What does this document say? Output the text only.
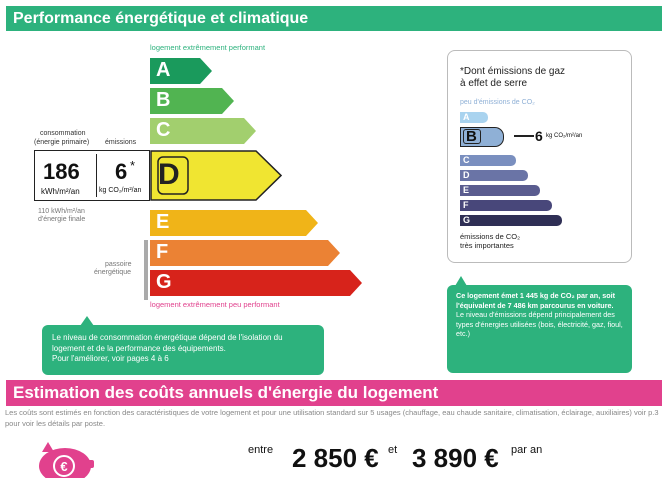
Performance énergétique et climatique
logement extrêmement performant
A
B
C
E
F
G
consommation
(énergie primaire) émissions
186
kWh/m²/an
6 *
kg CO₂/m²/an D
110 kWh/m²/an
d'énergie finale
passoire
énergétique
logement extrêmement peu performant
Le niveau de consommation énergétique dépend de l'isolation du logement et de la performance des équipements.
Pour l'améliorer, voir pages 4 à 6
*Dont émissions de gaz
à effet de serre
peu d'émissions de CO₂
A
B
C
D
E
F
G
6 kg CO₂/m²/an
émissions de CO₂
très importantes
Ce logement émet 1 445 kg de CO₂ par an, soit l'équivalent de 7 486 km parcourus en voiture.
Le niveau d'émissions dépend principalement des types d'énergies utilisées (bois, électricité, gaz, fioul, etc.)
Estimation des coûts annuels d'énergie du logement
Les coûts sont estimés en fonction des caractéristiques de votre logement et pour une utilisation standard sur 5 usages (chauffage, eau chaude sanitaire, climatisation, éclairage, auxiliaires) voir p.3 pour voir les détails par poste.
€
entre 2 850 € et 3 890 € par an
